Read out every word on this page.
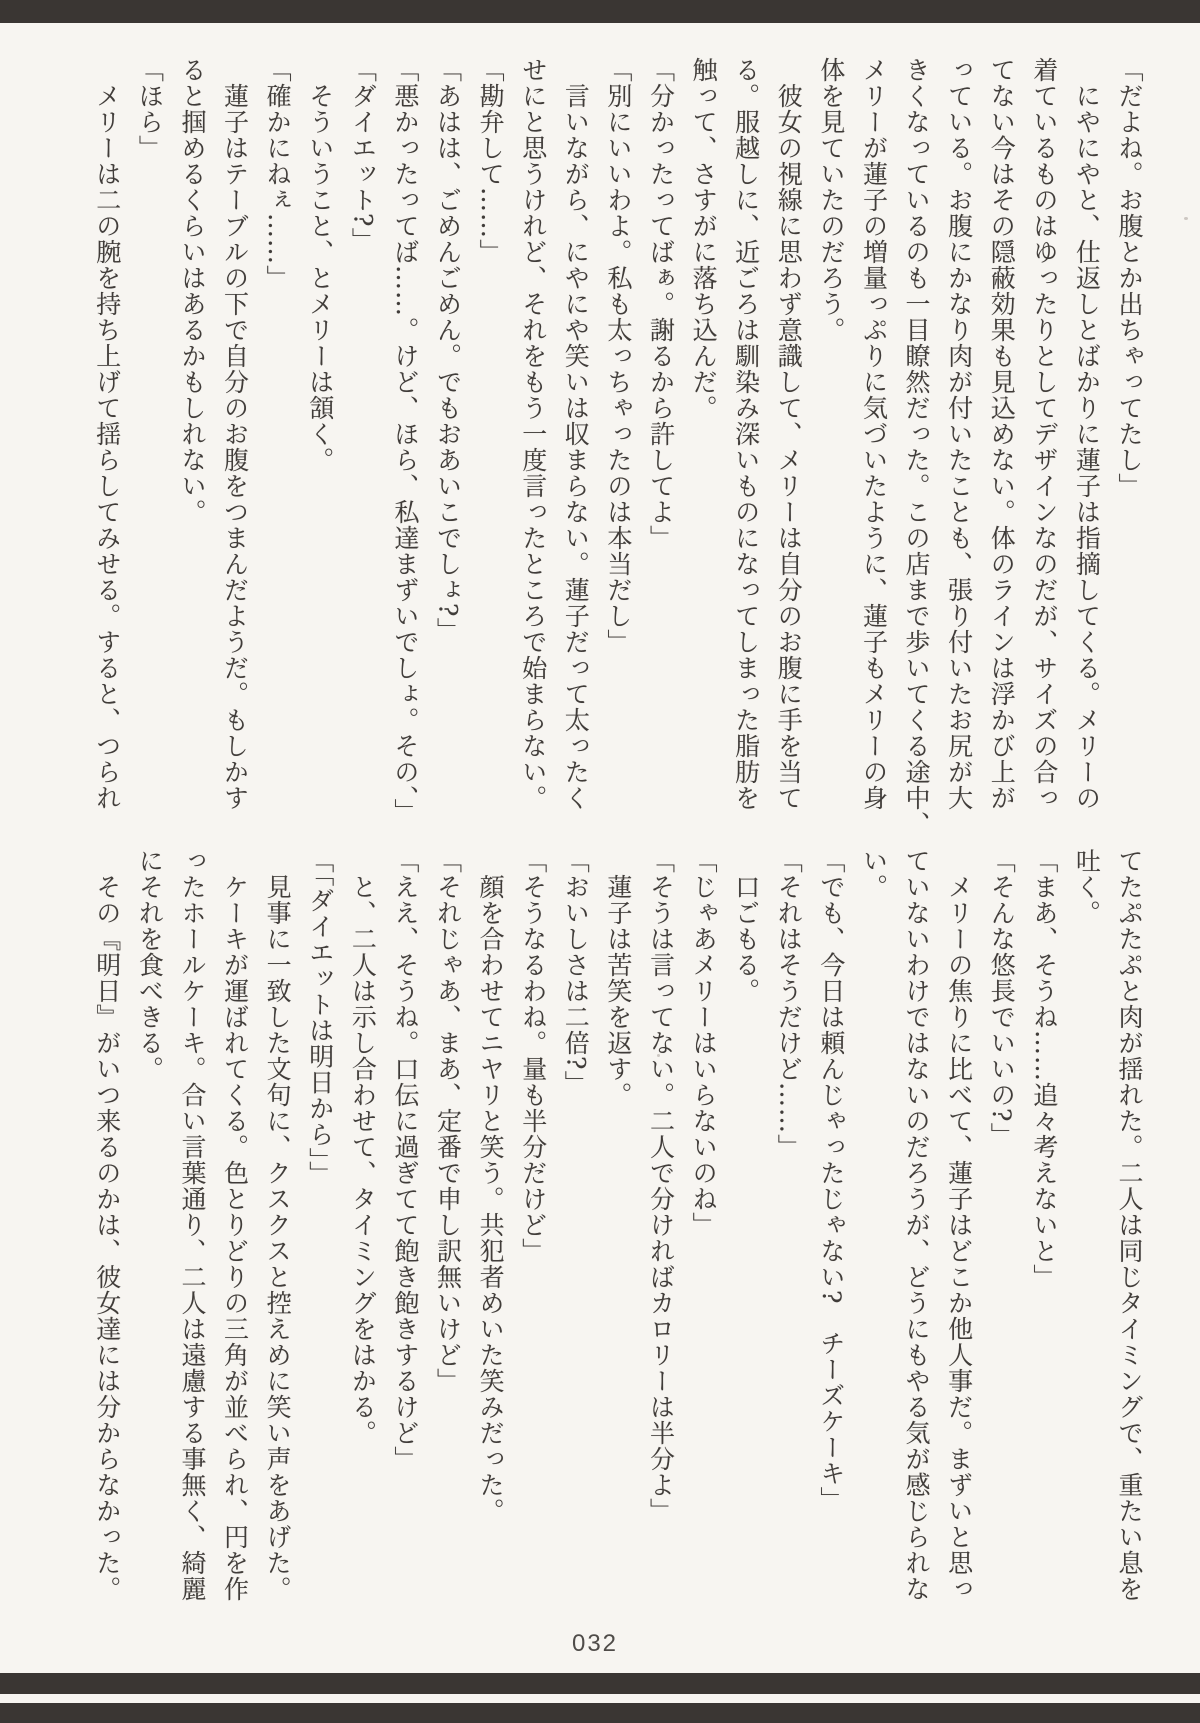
「だよね。お腹とか出ちゃってたし」
　にやにやと、仕返しとばかりに蓮子は指摘してくる。メリーの
着ているものはゆったりとしてデザインなのだが、サイズの合っ
てない今はその隠蔽効果も見込めない。体のラインは浮かび上が
っている。お腹にかなり肉が付いたことも、張り付いたお尻が大
きくなっているのも一目瞭然だった。この店まで歩いてくる途中、
メリーが蓮子の増量っぷりに気づいたように、蓮子もメリーの身
体を見ていたのだろう。
　彼女の視線に思わず意識して、メリーは自分のお腹に手を当て
る。服越しに、近ごろは馴染み深いものになってしまった脂肪を
触って、さすがに落ち込んだ。
「分かったってばぁ。謝るから許してよ」
「別にいいわよ。私も太っちゃったのは本当だし」
　言いながら、にやにや笑いは収まらない。蓮子だって太ったく
せにと思うけれど、それをもう一度言ったところで始まらない。
「勘弁して……」
「あはは、ごめんごめん。でもおあいこでしょ?」
「悪かったってば……。けど、ほら、私達まずいでしょ。その、」
「ダイエット?」
　そういうこと、とメリーは頷く。
「確かにねぇ……」
　蓮子はテーブルの下で自分のお腹をつまんだようだ。もしかす
ると掴めるくらいはあるかもしれない。
「ほら」
　メリーは二の腕を持ち上げて揺らしてみせる。すると、つられ
てたぷたぷと肉が揺れた。二人は同じタイミングで、重たい息を
吐く。
「まあ、そうね……追々考えないと」
「そんな悠長でいいの?」
　メリーの焦りに比べて、蓮子はどこか他人事だ。まずいと思っ
ていないわけではないのだろうが、どうにもやる気が感じられな
い。
「でも、今日は頼んじゃったじゃない?　チーズケーキ」
「それはそうだけど……」
　口ごもる。
「じゃあメリーはいらないのね」
「そうは言ってない。二人で分ければカロリーは半分よ」
　蓮子は苦笑を返す。
「おいしさは二倍?」
「そうなるわね。量も半分だけど」
　顔を合わせてニヤリと笑う。共犯者めいた笑みだった。
「それじゃあ、まあ、定番で申し訳無いけど」
「ええ、そうね。口伝に過ぎてて飽き飽きするけど」
　と、二人は示し合わせて、タイミングをはかる。
「「ダイエットは明日から」」
　見事に一致した文句に、クスクスと控えめに笑い声をあげた。
　ケーキが運ばれてくる。色とりどりの三角が並べられ、円を作
ったホールケーキ。合い言葉通り、二人は遠慮する事無く、綺麗
にそれを食べきる。
　その『明日』がいつ来るのかは、彼女達には分からなかった。
032
